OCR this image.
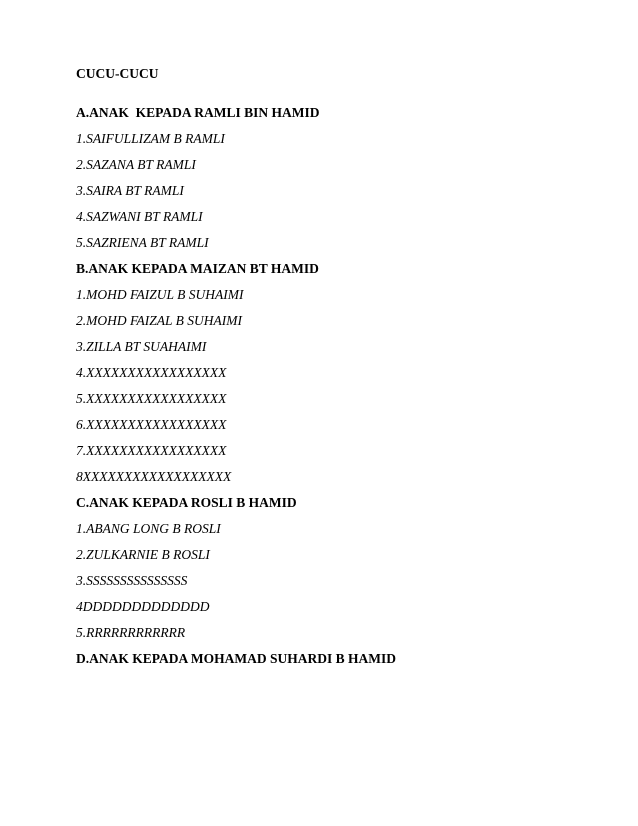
CUCU-CUCU
A.ANAK  KEPADA RAMLI BIN HAMID
1.SAIFULLIZAM B RAMLI
2.SAZANA BT RAMLI
3.SAIRA BT RAMLI
4.SAZWANI BT RAMLI
5.SAZRIENA BT RAMLI
B.ANAK KEPADA MAIZAN BT HAMID
1.MOHD FAIZUL B SUHAIMI
2.MOHD FAIZAL B SUHAIMI
3.ZILLA BT SUAHAIMI
4.XXXXXXXXXXXXXXXXX
5.XXXXXXXXXXXXXXXXX
6.XXXXXXXXXXXXXXXXX
7.XXXXXXXXXXXXXXXXX
8XXXXXXXXXXXXXXXXXX
C.ANAK KEPADA ROSLI B HAMID
1.ABANG LONG B ROSLI
2.ZULKARNIE B ROSLI
3.SSSSSSSSSSSSSSS
4DDDDDDDDDDDDD
5.RRRRRRRRRRRR
D.ANAK KEPADA MOHAMAD SUHARDI B HAMID
